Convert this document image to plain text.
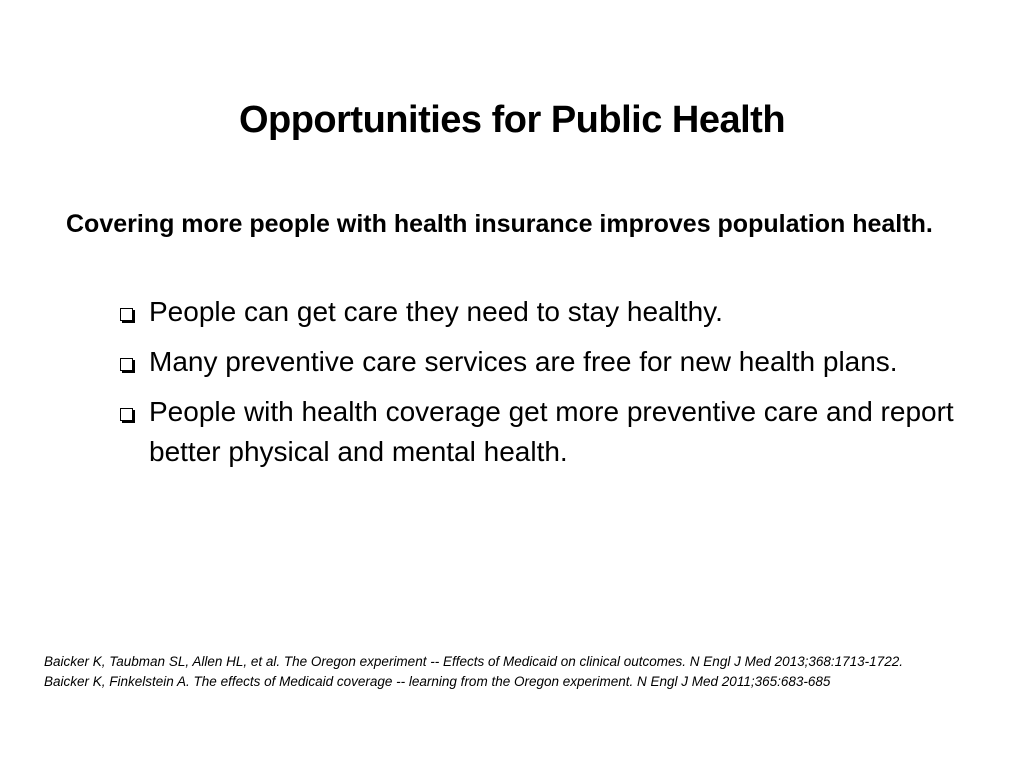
Opportunities for Public Health
Covering more people with health insurance improves population health.
People can get care they need to stay healthy.
Many preventive care services are free for new health plans.
People with health coverage get more preventive care and report better physical and mental health.
Baicker K, Taubman SL, Allen HL, et al. The Oregon experiment -- Effects of Medicaid on clinical outcomes. N Engl J Med 2013;368:1713-1722.   Baicker K, Finkelstein A. The effects of Medicaid coverage -- learning from the Oregon experiment. N Engl J Med 2011;365:683-685
